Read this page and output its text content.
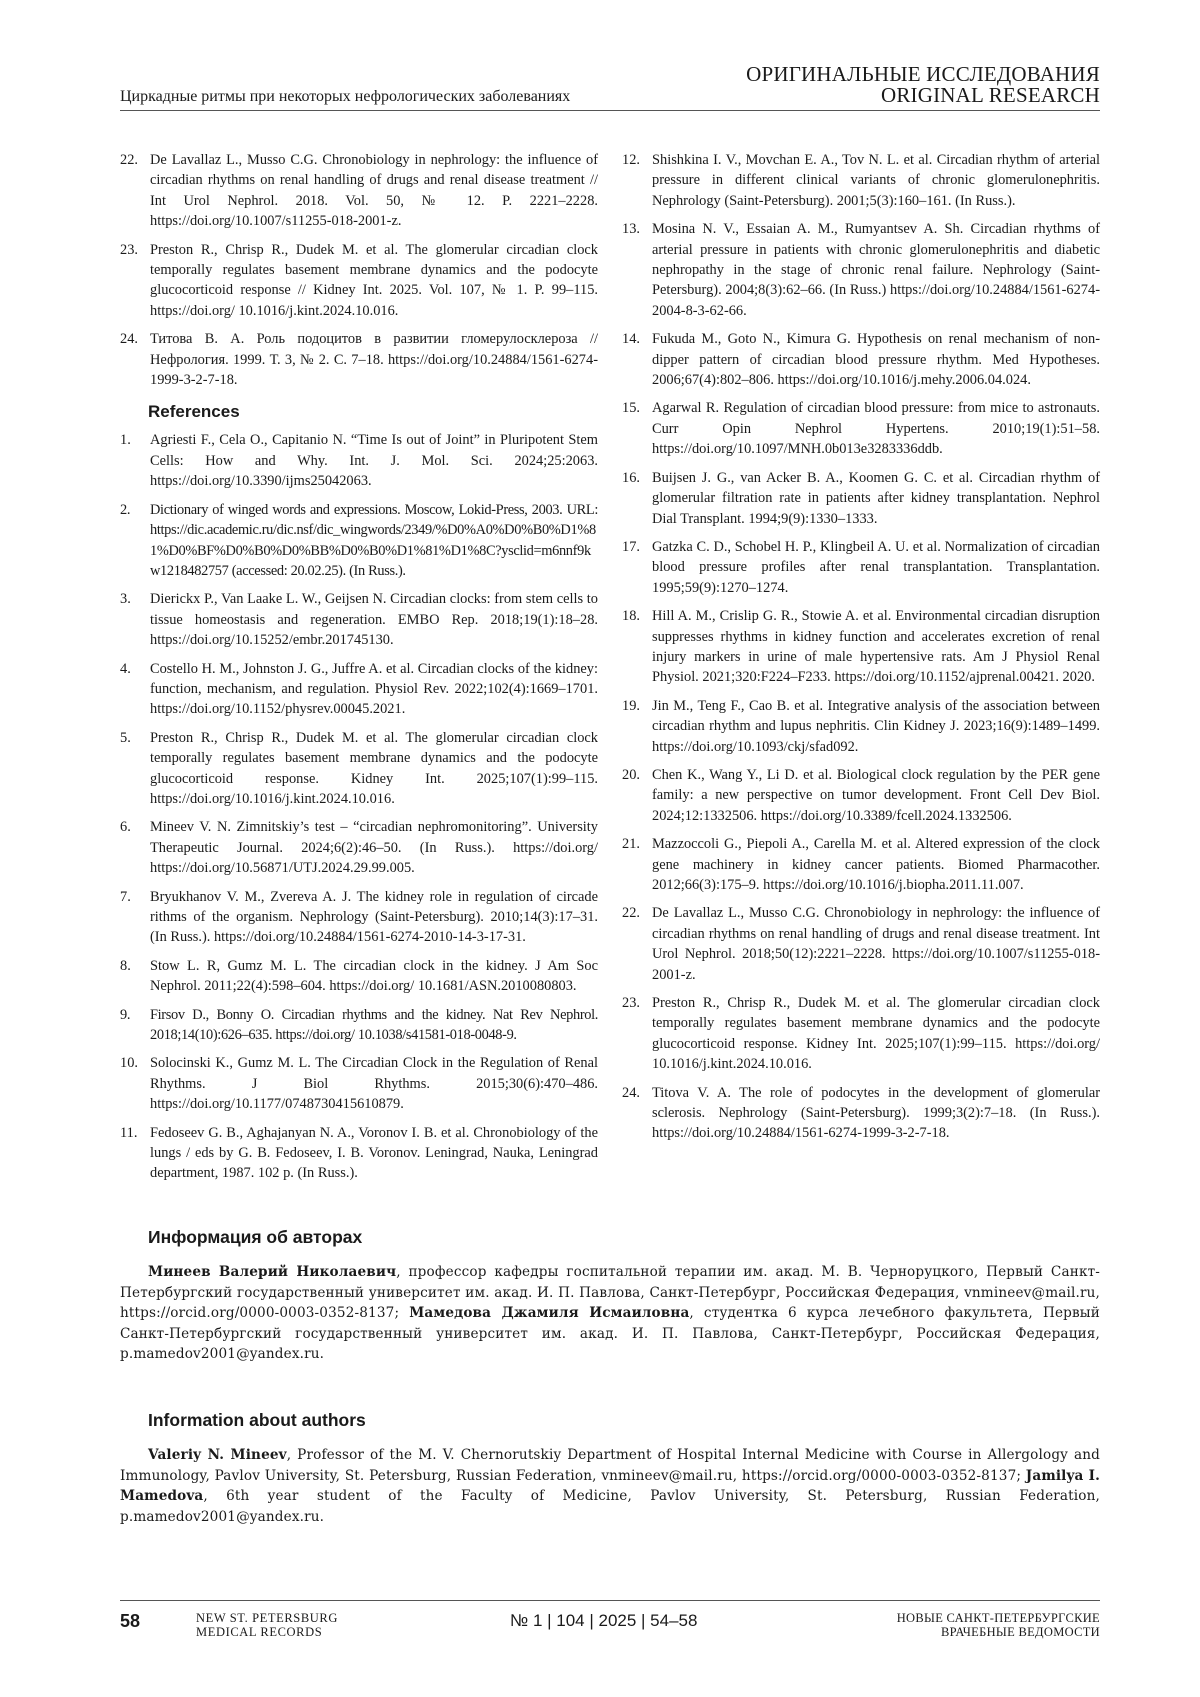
Циркадные ритмы при некоторых нефрологических заболеваниях
ОРИГИНАЛЬНЫЕ ИССЛЕДОВАНИЯ
ORIGINAL RESEARCH
22. De Lavallaz L., Musso C.G. Chronobiology in nephrology: the influence of circadian rhythms on renal handling of drugs and renal disease treatment // Int Urol Nephrol. 2018. Vol. 50, № 12. P. 2221–2228. https://doi.org/10.1007/s11255-018-2001-z.
23. Preston R., Chrisp R., Dudek M. et al. The glomerular circadian clock temporally regulates basement membrane dynamics and the podocyte glucocorticoid response // Kidney Int. 2025. Vol. 107, № 1. P. 99–115. https://doi.org/ 10.1016/j.kint.2024.10.016.
24. Титова В. А. Роль подоцитов в развитии гломерулосклероза // Нефрология. 1999. Т. 3, № 2. С. 7–18. https://doi.org/10.24884/1561-6274-1999-3-2-7-18.
References
1. Agriesti F., Cela O., Capitanio N. “Time Is out of Joint” in Pluripotent Stem Cells: How and Why. Int. J. Mol. Sci. 2024;25:2063. https://doi.org/10.3390/ijms25042063.
2. Dictionary of winged words and expressions. Moscow, Lokid-Press, 2003. URL: https://dic.academic.ru/dic.nsf/dic_wingwords/2349/%D0%A0%D0%B0%D1%81%D0%BF%D0%B0%D0%BB%D0%B0%D1%81%D1%8C?ysclid=m6nnf9kw1218482757 (accessed: 20.02.25). (In Russ.).
3. Dierickx P., Van Laake L. W., Geijsen N. Circadian clocks: from stem cells to tissue homeostasis and regeneration. EMBO Rep. 2018;19(1):18–28. https://doi.org/10.15252/embr.201745130.
4. Costello H. M., Johnston J. G., Juffre A. et al. Circadian clocks of the kidney: function, mechanism, and regulation. Physiol Rev. 2022;102(4):1669–1701. https://doi.org/10.1152/physrev.00045.2021.
5. Preston R., Chrisp R., Dudek M. et al. The glomerular circadian clock temporally regulates basement membrane dynamics and the podocyte glucocorticoid response. Kidney Int. 2025;107(1):99–115. https://doi.org/10.1016/j.kint.2024.10.016.
6. Mineev V. N. Zimnitskiy’s test – “circadian nephromonitoring”. University Therapeutic Journal. 2024;6(2):46–50. (In Russ.). https://doi.org/ https://doi.org/10.56871/UTJ.2024.29.99.005.
7. Bryukhanov V. M., Zvereva A. J. The kidney role in regulation of circade rithms of the organism. Nephrology (Saint-Petersburg). 2010;14(3):17–31. (In Russ.). https://doi.org/10.24884/1561-6274-2010-14-3-17-31.
8. Stow L. R, Gumz M. L. The circadian clock in the kidney. J Am Soc Nephrol. 2011;22(4):598–604. https://doi.org/ 10.1681/ASN.2010080803.
9. Firsov D., Bonny O. Circadian rhythms and the kidney. Nat Rev Nephrol. 2018;14(10):626–635. https://doi.org/ 10.1038/s41581-018-0048-9.
10. Solocinski K., Gumz M. L. The Circadian Clock in the Regulation of Renal Rhythms. J Biol Rhythms. 2015;30(6):470–486. https://doi.org/10.1177/0748730415610879.
11. Fedoseev G. B., Aghajanyan N. A., Voronov I. B. et al. Chronobiology of the lungs / eds by G. B. Fedoseev, I. B. Voronov. Leningrad, Nauka, Leningrad department, 1987. 102 p. (In Russ.).
12. Shishkina I. V., Movchan E. A., Tov N. L. et al. Circadian rhythm of arterial pressure in different clinical variants of chronic glomerulonephritis. Nephrology (Saint-Petersburg). 2001;5(3):160–161. (In Russ.).
13. Mosina N. V., Essaian A. M., Rumyantsev A. Sh. Circadian rhythms of arterial pressure in patients with chronic glomerulonephritis and diabetic nephropathy in the stage of chronic renal failure. Nephrology (Saint-Petersburg). 2004;8(3):62–66. (In Russ.) https://doi.org/10.24884/1561-6274-2004-8-3-62-66.
14. Fukuda M., Goto N., Kimura G. Hypothesis on renal mechanism of non-dipper pattern of circadian blood pressure rhythm. Med Hypotheses. 2006;67(4):802–806. https://doi.org/10.1016/j.mehy.2006.04.024.
15. Agarwal R. Regulation of circadian blood pressure: from mice to astronauts. Curr Opin Nephrol Hypertens. 2010;19(1):51–58. https://doi.org/10.1097/MNH.0b013e3283336ddb.
16. Buijsen J. G., van Acker B. A., Koomen G. C. et al. Circadian rhythm of glomerular filtration rate in patients after kidney transplantation. Nephrol Dial Transplant. 1994;9(9):1330–1333.
17. Gatzka C. D., Schobel H. P., Klingbeil A. U. et al. Normalization of circadian blood pressure profiles after renal transplantation. Transplantation. 1995;59(9):1270–1274.
18. Hill A. M., Crislip G. R., Stowie A. et al. Environmental circadian disruption suppresses rhythms in kidney function and accelerates excretion of renal injury markers in urine of male hypertensive rats. Am J Physiol Renal Physiol. 2021;320:F224–F233. https://doi.org/10.1152/ajprenal.00421. 2020.
19. Jin M., Teng F., Cao B. et al. Integrative analysis of the association between circadian rhythm and lupus nephritis. Clin Kidney J. 2023;16(9):1489–1499. https://doi.org/10.1093/ckj/sfad092.
20. Chen K., Wang Y., Li D. et al. Biological clock regulation by the PER gene family: a new perspective on tumor development. Front Cell Dev Biol. 2024;12:1332506. https://doi.org/10.3389/fcell.2024.1332506.
21. Mazzoccoli G., Piepoli A., Carella M. et al. Altered expression of the clock gene machinery in kidney cancer patients. Biomed Pharmacother. 2012;66(3):175–9. https://doi.org/10.1016/j.biopha.2011.11.007.
22. De Lavallaz L., Musso C.G. Chronobiology in nephrology: the influence of circadian rhythms on renal handling of drugs and renal disease treatment. Int Urol Nephrol. 2018;50(12):2221–2228. https://doi.org/10.1007/s11255-018-2001-z.
23. Preston R., Chrisp R., Dudek M. et al. The glomerular circadian clock temporally regulates basement membrane dynamics and the podocyte glucocorticoid response. Kidney Int. 2025;107(1):99–115. https://doi.org/ 10.1016/j.kint.2024.10.016.
24. Titova V. A. The role of podocytes in the development of glomerular sclerosis. Nephrology (Saint-Petersburg). 1999;3(2):7–18. (In Russ.). https://doi.org/10.24884/1561-6274-1999-3-2-7-18.
Информация об авторах
Минеев Валерий Николаевич, профессор кафедры госпитальной терапии им. акад. М. В. Черноруцкого, Первый Санкт-Петербургский государственный университет им. акад. И. П. Павлова, Санкт-Петербург, Российская Федерация, vnmineev@mail.ru, https://orcid.org/0000-0003-0352-8137; Мамедова Джамиля Исмаиловна, студентка 6 курса лечебного факультета, Первый Санкт-Петербургский государственный университет им. акад. И. П. Павлова, Санкт-Петербург, Российская Федерация, p.mamedov2001@yandex.ru.
Information about authors
Valeriy N. Mineev, Professor of the M. V. Chernorutskiy Department of Hospital Internal Medicine with Course in Allergology and Immunology, Pavlov University, St. Petersburg, Russian Federation, vnmineev@mail.ru, https://orcid.org/0000-0003-0352-8137; Jamilya I. Mamedova, 6th year student of the Faculty of Medicine, Pavlov University, St. Petersburg, Russian Federation, p.mamedov2001@yandex.ru.
58	NEW ST. PETERSBURG
MEDICAL RECORDS
№ 1 | 104 | 2025 | 54–58	НОВЫЕ САНКТ-ПЕТЕРБУРГСКИЕ
ВРАЧЕБНЫЕ ВЕДОМОСТИ
